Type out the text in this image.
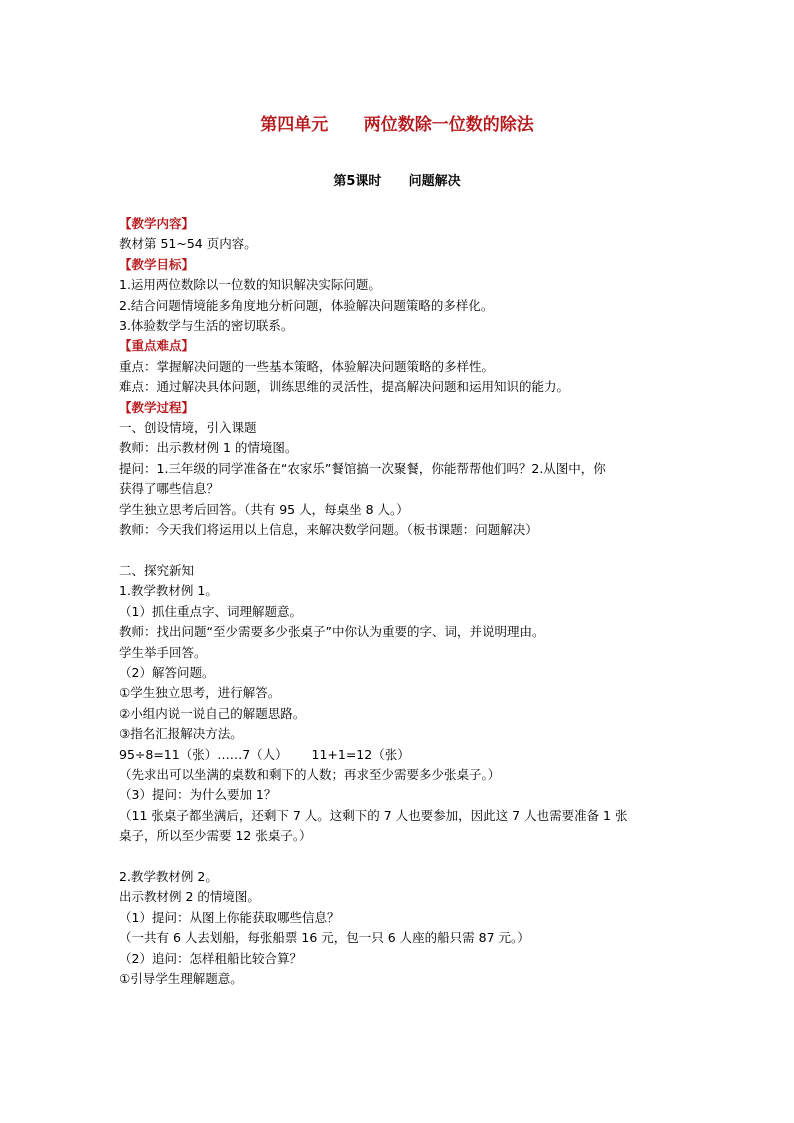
第四单元      两位数除一位数的除法
第5课时      问题解决

【教学内容】

教材第 51~54 页内容。

【教学目标】

1.运用两位数除以一位数的知识解决实际问题。

2.结合问题情境能多角度地分析问题，体验解决问题策略的多样化。

3.体验数学与生活的密切联系。

【重点难点】

重点：掌握解决问题的一些基本策略，体验解决问题策略的多样性。

难点：通过解决具体问题，训练思维的灵活性，提高解决问题和运用知识的能力。

【教学过程】

一、创设情境，引入课题

教师：出示教材例 1 的情境图。

提问：1.三年级的同学准备在“农家乐”餐馆搞一次聚餐，你能帮帮他们吗？2.从图中，你

获得了哪些信息？

学生独立思考后回答。（共有 95 人，每桌坐 8 人。）

教师：今天我们将运用以上信息，来解决数学问题。（板书课题：问题解决）

二、探究新知

1.教学教材例 1。

（1）抓住重点字、词理解题意。

教师：找出问题“至少需要多少张桌子”中你认为重要的字、词，并说明理由。

学生举手回答。

（2）解答问题。

①学生独立思考，进行解答。

②小组内说一说自己的解题思路。

③指名汇报解决方法。

95÷8=11（张）……7（人）      11+1=12（张）

（先求出可以坐满的桌数和剩下的人数；再求至少需要多少张桌子。）

（3）提问：为什么要加 1？

（11 张桌子都坐满后，还剩下 7 人。这剩下的 7 人也要参加，因此这 7 人也需要准备 1 张

桌子，所以至少需要 12 张桌子。）

2.教学教材例 2。

出示教材例 2 的情境图。

（1）提问：从图上你能获取哪些信息？

（一共有 6 人去划船，每张船票 16 元，包一只 6 人座的船只需 87 元。）

（2）追问：怎样租船比较合算？

①引导学生理解题意。
